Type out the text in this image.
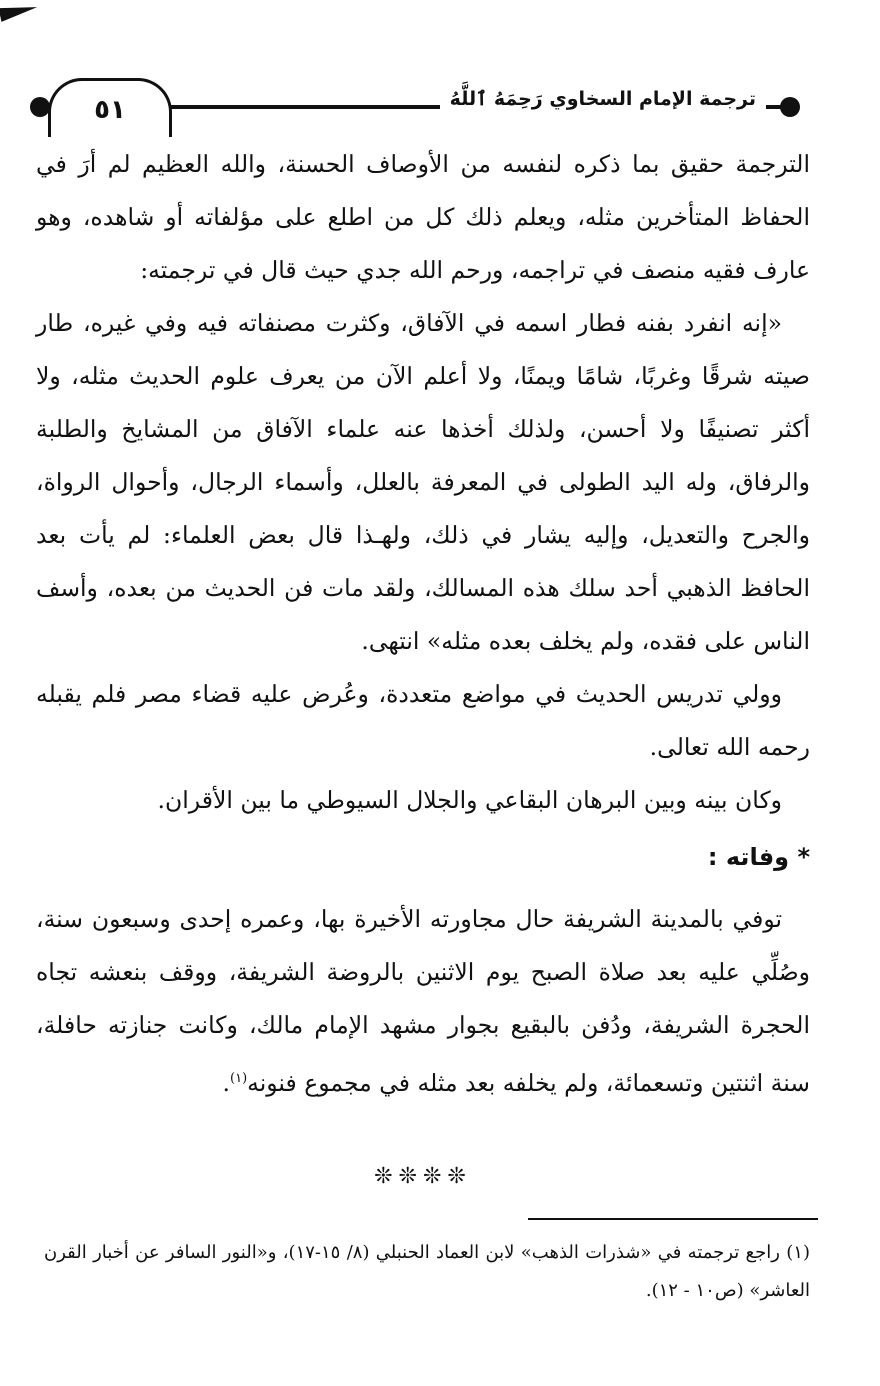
٥١	ترجمة الإمام السخاوي رَحِمَهُ ٱللَّهُ

الترجمة حقيق بما ذكره لنفسه من الأوصاف الحسنة، والله العظيم لم أرَ في الحفاظ المتأخرين مثله، ويعلم ذلك كل من اطلع على مؤلفاته أو شاهده، وهو عارف فقيه منصف في تراجمه، ورحم الله جدي حيث قال في ترجمته:

«إنه انفرد بفنه فطار اسمه في الآفاق، وكثرت مصنفاته فيه وفي غيره، طار صيته شرقًا وغربًا، شامًا ويمنًا، ولا أعلم الآن من يعرف علوم الحديث مثله، ولا أكثر تصنيفًا ولا أحسن، ولذلك أخذها عنه علماء الآفاق من المشايخ والطلبة والرفاق، وله اليد الطولى في المعرفة بالعلل، وأسماء الرجال، وأحوال الرواة، والجرح والتعديل، وإليه يشار في ذلك، ولهـذا قال بعض العلماء: لم يأت بعد الحافظ الذهبي أحد سلك هذه المسالك، ولقد مات فن الحديث من بعده، وأسف الناس على فقده، ولم يخلف بعده مثله» انتهى.

وولي تدريس الحديث في مواضع متعددة، وعُرض عليه قضاء مصر فلم يقبله رحمه الله تعالى.

وكان بينه وبين البرهان البقاعي والجلال السيوطي ما بين الأقران.

* وفاته :

توفي بالمدينة الشريفة حال مجاورته الأخيرة بها، وعمره إحدى وسبعون سنة، وصُلِّي عليه بعد صلاة الصبح يوم الاثنين بالروضة الشريفة، ووقف بنعشه تجاه الحجرة الشريفة، ودُفن بالبقيع بجوار مشهد الإمام مالك، وكانت جنازته حافلة، سنة اثنتين وتسعمائة، ولم يخلفه بعد مثله في مجموع فنونه$^{(١)}$.

❊❊❊❊

(١) راجع ترجمته في «شذرات الذهب» لابن العماد الحنبلي (٨/ ١٥-١٧)، و«النور السافر عن أخبار القرن العاشر» (ص١٠ - ١٢).
